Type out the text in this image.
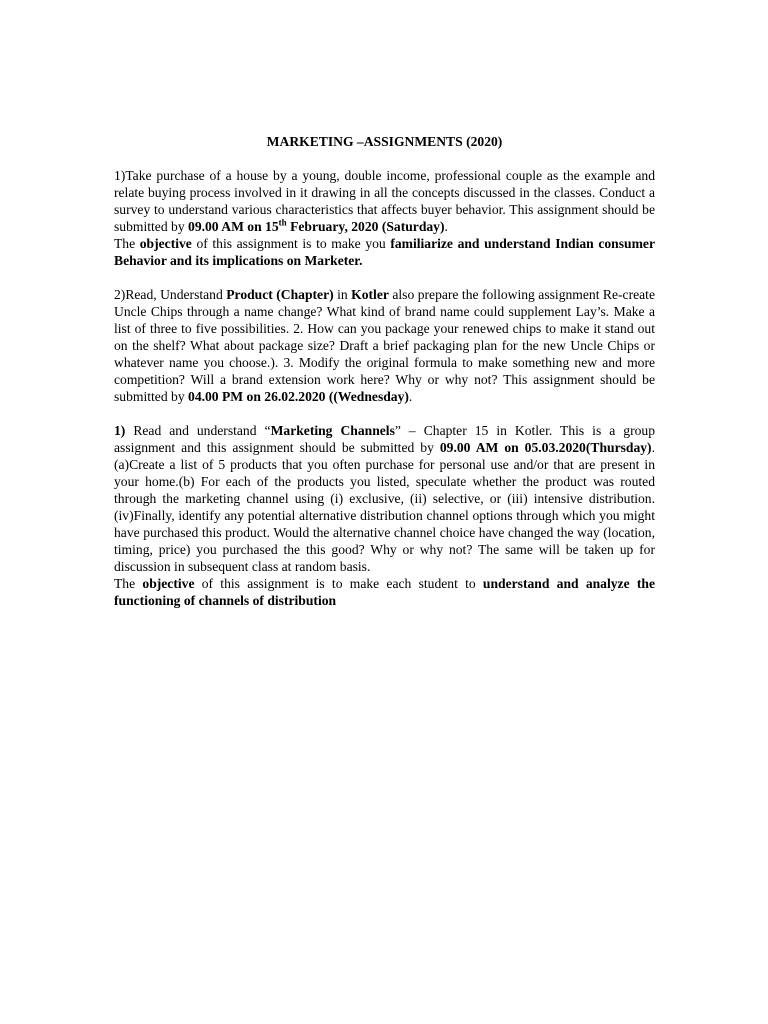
MARKETING –ASSIGNMENTS (2020)

1)Take purchase of a house by a young, double income, professional couple as the example and relate buying process involved in it drawing in all the concepts discussed in the classes. Conduct a survey to understand various characteristics that affects buyer behavior. This assignment should be submitted by 09.00 AM on 15th February, 2020 (Saturday).

The objective of this assignment is to make you familiarize and understand Indian consumer Behavior and its implications on Marketer.

2)Read, Understand Product (Chapter) in Kotler also prepare the following assignment Re-create Uncle Chips through a name change? What kind of brand name could supplement Lay’s. Make a list of three to five possibilities. 2. How can you package your renewed chips to make it stand out on the shelf? What about package size? Draft a brief packaging plan for the new Uncle Chips or whatever name you choose.). 3. Modify the original formula to make something new and more competition? Will a brand extension work here? Why or why not? This assignment should be submitted by 04.00 PM on 26.02.2020 ((Wednesday).

1) Read and understand “Marketing Channels” – Chapter 15 in Kotler. This is a group assignment and this assignment should be submitted by 09.00 AM on 05.03.2020(Thursday). (a)Create a list of 5 products that you often purchase for personal use and/or that are present in your home.(b) For each of the products you listed, speculate whether the product was routed through the marketing channel using (i) exclusive, (ii) selective, or (iii) intensive distribution. (iv)Finally, identify any potential alternative distribution channel options through which you might have purchased this product. Would the alternative channel choice have changed the way (location, timing, price) you purchased the this good? Why or why not? The same will be taken up for discussion in subsequent class at random basis.

The objective of this assignment is to make each student to understand and analyze the functioning of channels of distribution
